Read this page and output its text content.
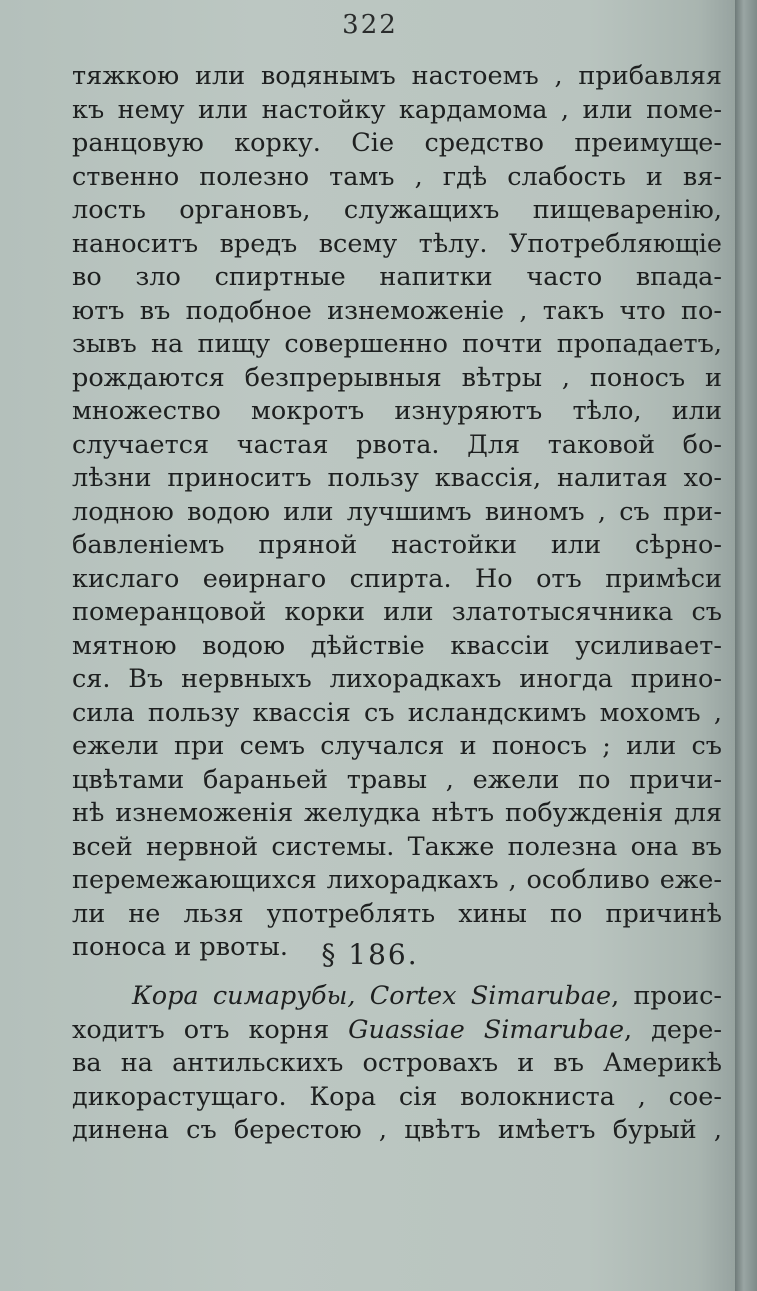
322
тяжкою или водянымъ настоемъ , прибавляя
къ нему или настойку кардамома , или поме-
ранцовую корку. Сiе средство преимуще-
ственно полезно тамъ , гдѣ слабость и вя-
лость органовъ, служащихъ пищеваренiю,
наноситъ вредъ всему тѣлу. Употребляющiе
во зло спиртные напитки часто впада-
ютъ въ подобное изнеможенiе , такъ что по-
зывъ на пищу совершенно почти пропадаетъ,
рождаются безпрерывныя вѣтры , поносъ и
множество мокротъ изнуряютъ тѣло, или
случается частая рвота. Для таковой бо-
лѣзни приноситъ пользу квассiя, налитая хо-
лодною водою или лучшимъ виномъ , съ при-
бавленiемъ пряной настойки или сѣрно-
кислаго еѳирнаго спирта. Но отъ примѣси
померанцовой корки или златотысячника съ
мятною водою дѣйствiе квассiи усиливает-
ся. Въ нервныхъ лихорадкахъ иногда прино-
сила пользу квассiя съ исландскимъ мохомъ ,
ежели при семъ случался и поносъ ; или съ
цвѣтами бараньей травы , ежели по причи-
нѣ изнеможенiя желудка нѣтъ побужденiя для
всей нервной системы. Также полезна она въ
перемежающихся лихорадкахъ , особливо еже-
ли не льзя употреблять хины по причинѣ
поноса и рвоты.	§ 186.
Кора симарубы, Cortex Simarubae, проис-
ходитъ отъ корня Guassiae Simarubae, дере-
ва на антильскихъ островахъ и въ Америкѣ
дикорастущаго. Кора сiя волокниста , сое-
динена съ берестою , цвѣтъ имѣетъ бурый ,
